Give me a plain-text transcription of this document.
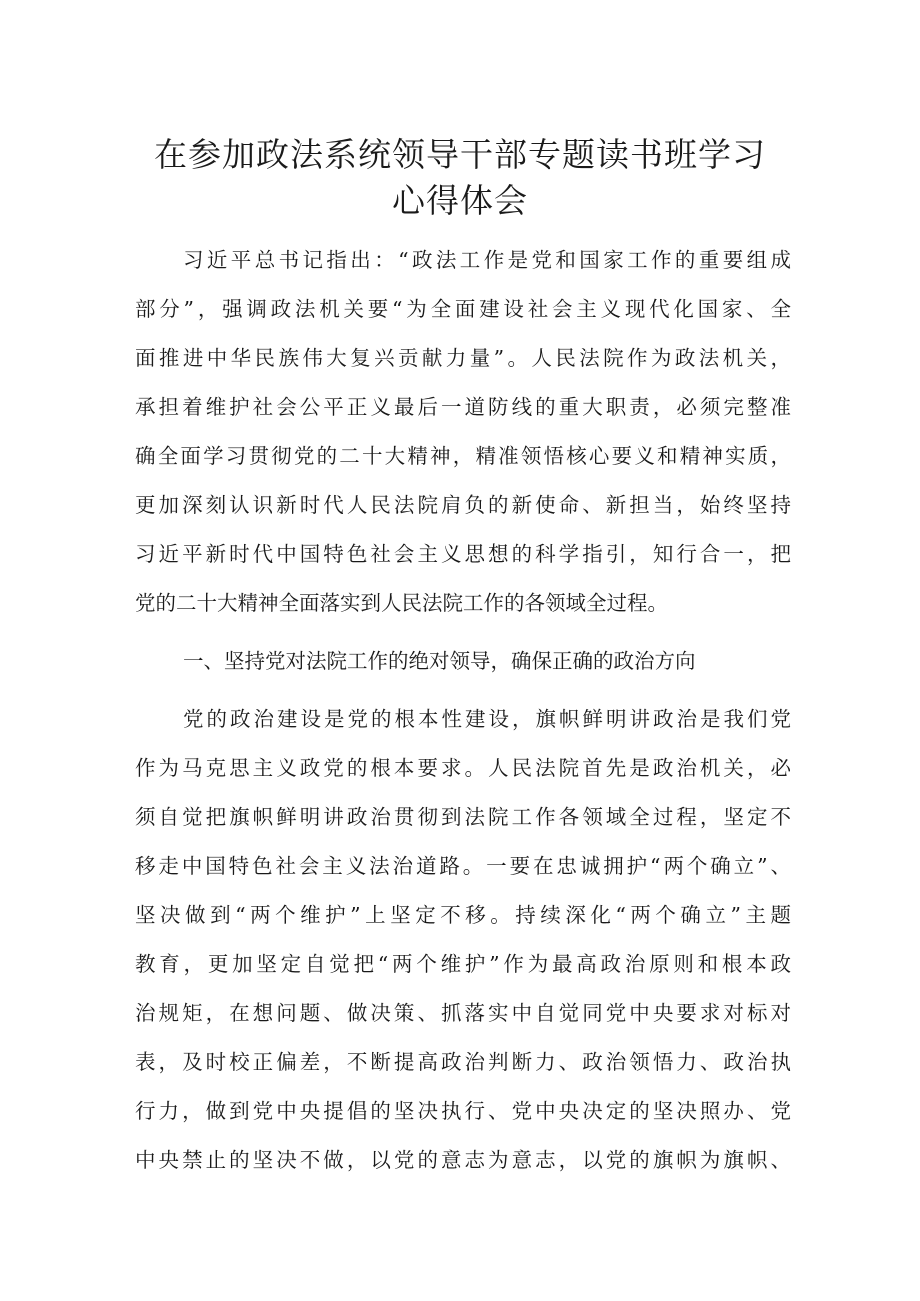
在参加政法系统领导干部专题读书班学习
心得体会
习近平总书记指出：“政法工作是党和国家工作的重要组成
部分”，强调政法机关要“为全面建设社会主义现代化国家、全
面推进中华民族伟大复兴贡献力量”。人民法院作为政法机关，
承担着维护社会公平正义最后一道防线的重大职责，必须完整准
确全面学习贯彻党的二十大精神，精准领悟核心要义和精神实质，
更加深刻认识新时代人民法院肩负的新使命、新担当，始终坚持
习近平新时代中国特色社会主义思想的科学指引，知行合一，把
党的二十大精神全面落实到人民法院工作的各领域全过程。
一、坚持党对法院工作的绝对领导，确保正确的政治方向
党的政治建设是党的根本性建设，旗帜鲜明讲政治是我们党
作为马克思主义政党的根本要求。人民法院首先是政治机关，必
须自觉把旗帜鲜明讲政治贯彻到法院工作各领域全过程，坚定不
移走中国特色社会主义法治道路。一要在忠诚拥护“两个确立”、
坚决做到“两个维护”上坚定不移。持续深化“两个确立”主题
教育，更加坚定自觉把“两个维护”作为最高政治原则和根本政
治规矩，在想问题、做决策、抓落实中自觉同党中央要求对标对
表，及时校正偏差，不断提高政治判断力、政治领悟力、政治执
行力，做到党中央提倡的坚决执行、党中央决定的坚决照办、党
中央禁止的坚决不做，以党的意志为意志，以党的旗帜为旗帜、
